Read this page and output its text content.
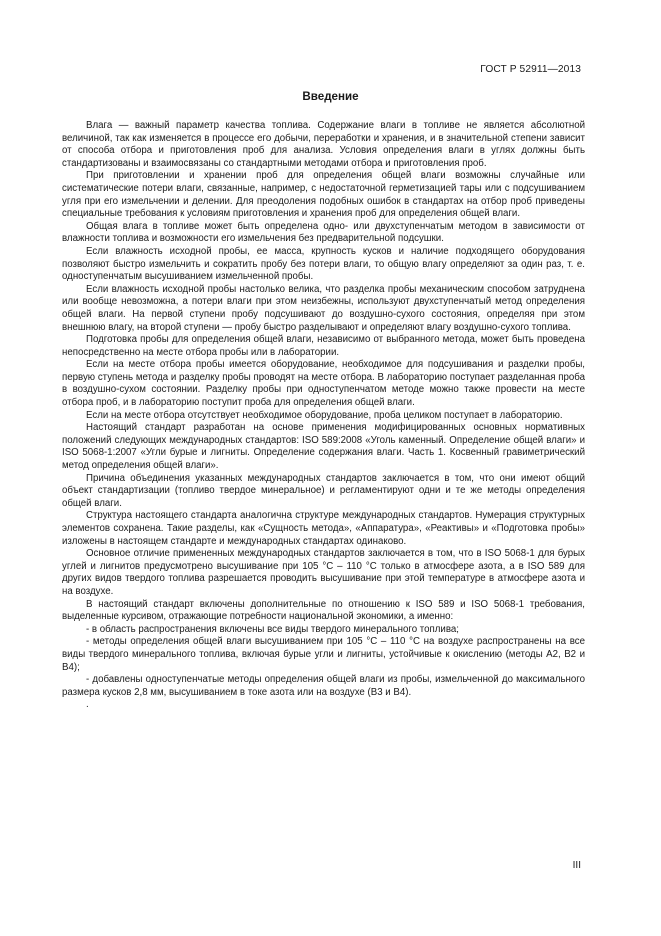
ГОСТ Р 52911—2013
Введение

Влага — важный параметр качества топлива. Содержание влаги в топливе не является абсолютной величиной, так как изменяется в процессе его добычи, переработки и хранения, и в значительной степени зависит от способа отбора и приготовления проб для анализа. Условия определения влаги в углях должны быть стандартизованы и взаимосвязаны со стандартными методами отбора и приготовления проб.

При приготовлении и хранении проб для определения общей влаги возможны случайные или систематические потери влаги, связанные, например, с недостаточной герметизацией тары или с подсушиванием угля при его измельчении и делении. Для преодоления подобных ошибок в стандартах на отбор проб приведены специальные требования к условиям приготовления и хранения проб для определения общей влаги.

Общая влага в топливе может быть определена одно- или двухступенчатым методом в зависимости от влажности топлива и возможности его измельчения без предварительной подсушки.

Если влажность исходной пробы, ее масса, крупность кусков и наличие подходящего оборудования позволяют быстро измельчить и сократить пробу без потери влаги, то общую влагу определяют за один раз, т. е. одноступенчатым высушиванием измельченной пробы.

Если влажность исходной пробы настолько велика, что разделка пробы механическим способом затруднена или вообще невозможна, а потери влаги при этом неизбежны, используют двухступенчатый метод определения общей влаги. На первой ступени пробу подсушивают до воздушно-сухого состояния, определяя при этом внешнюю влагу, на второй ступени — пробу быстро разделывают и определяют влагу воздушно-сухого топлива.

Подготовка пробы для определения общей влаги, независимо от выбранного метода, может быть проведена непосредственно на месте отбора пробы или в лаборатории.

Если на месте отбора пробы имеется оборудование, необходимое для подсушивания и разделки пробы, первую ступень метода и разделку пробы проводят на месте отбора. В лабораторию поступает разделанная проба в воздушно-сухом состоянии. Разделку пробы при одноступенчатом методе можно также провести на месте отбора проб, и в лабораторию поступит проба для определения общей влаги.

Если на месте отбора отсутствует необходимое оборудование, проба целиком поступает в лабораторию.

Настоящий стандарт разработан на основе применения модифицированных основных нормативных положений следующих международных стандартов: ISO 589:2008 «Уголь каменный. Определение общей влаги» и ISO 5068-1:2007 «Угли бурые и лигниты. Определение содержания влаги. Часть 1. Косвенный гравиметрический метод определения общей влаги».

Причина объединения указанных международных стандартов заключается в том, что они имеют общий объект стандартизации (топливо твердое минеральное) и регламентируют одни и те же методы определения общей влаги.

Структура настоящего стандарта аналогична структуре международных стандартов. Нумерация структурных элементов сохранена. Такие разделы, как «Сущность метода», «Аппаратура», «Реактивы» и «Подготовка пробы» изложены в настоящем стандарте и международных стандартах одинаково.

Основное отличие примененных международных стандартов заключается в том, что в ISO 5068-1 для бурых углей и лигнитов предусмотрено высушивание при 105 °С – 110 °С только в атмосфере азота, а в ISO 589 для других видов твердого топлива разрешается проводить высушивание при этой температуре в атмосфере азота и на воздухе.

В настоящий стандарт включены дополнительные по отношению к ISO 589 и ISO 5068-1 требования, выделенные курсивом, отражающие потребности национальной экономики, а именно:

- в область распространения включены все виды твердого минерального топлива;

- методы определения общей влаги высушиванием при 105 °С – 110 °С на воздухе распространены на все виды твердого минерального топлива, включая бурые угли и лигниты, устойчивые к окислению (методы А2, В2 и В4);

- добавлены одноступенчатые методы определения общей влаги из пробы, измельченной до максимального размера кусков 2,8 мм, высушиванием в токе азота или на воздухе (В3 и В4).

.
III
